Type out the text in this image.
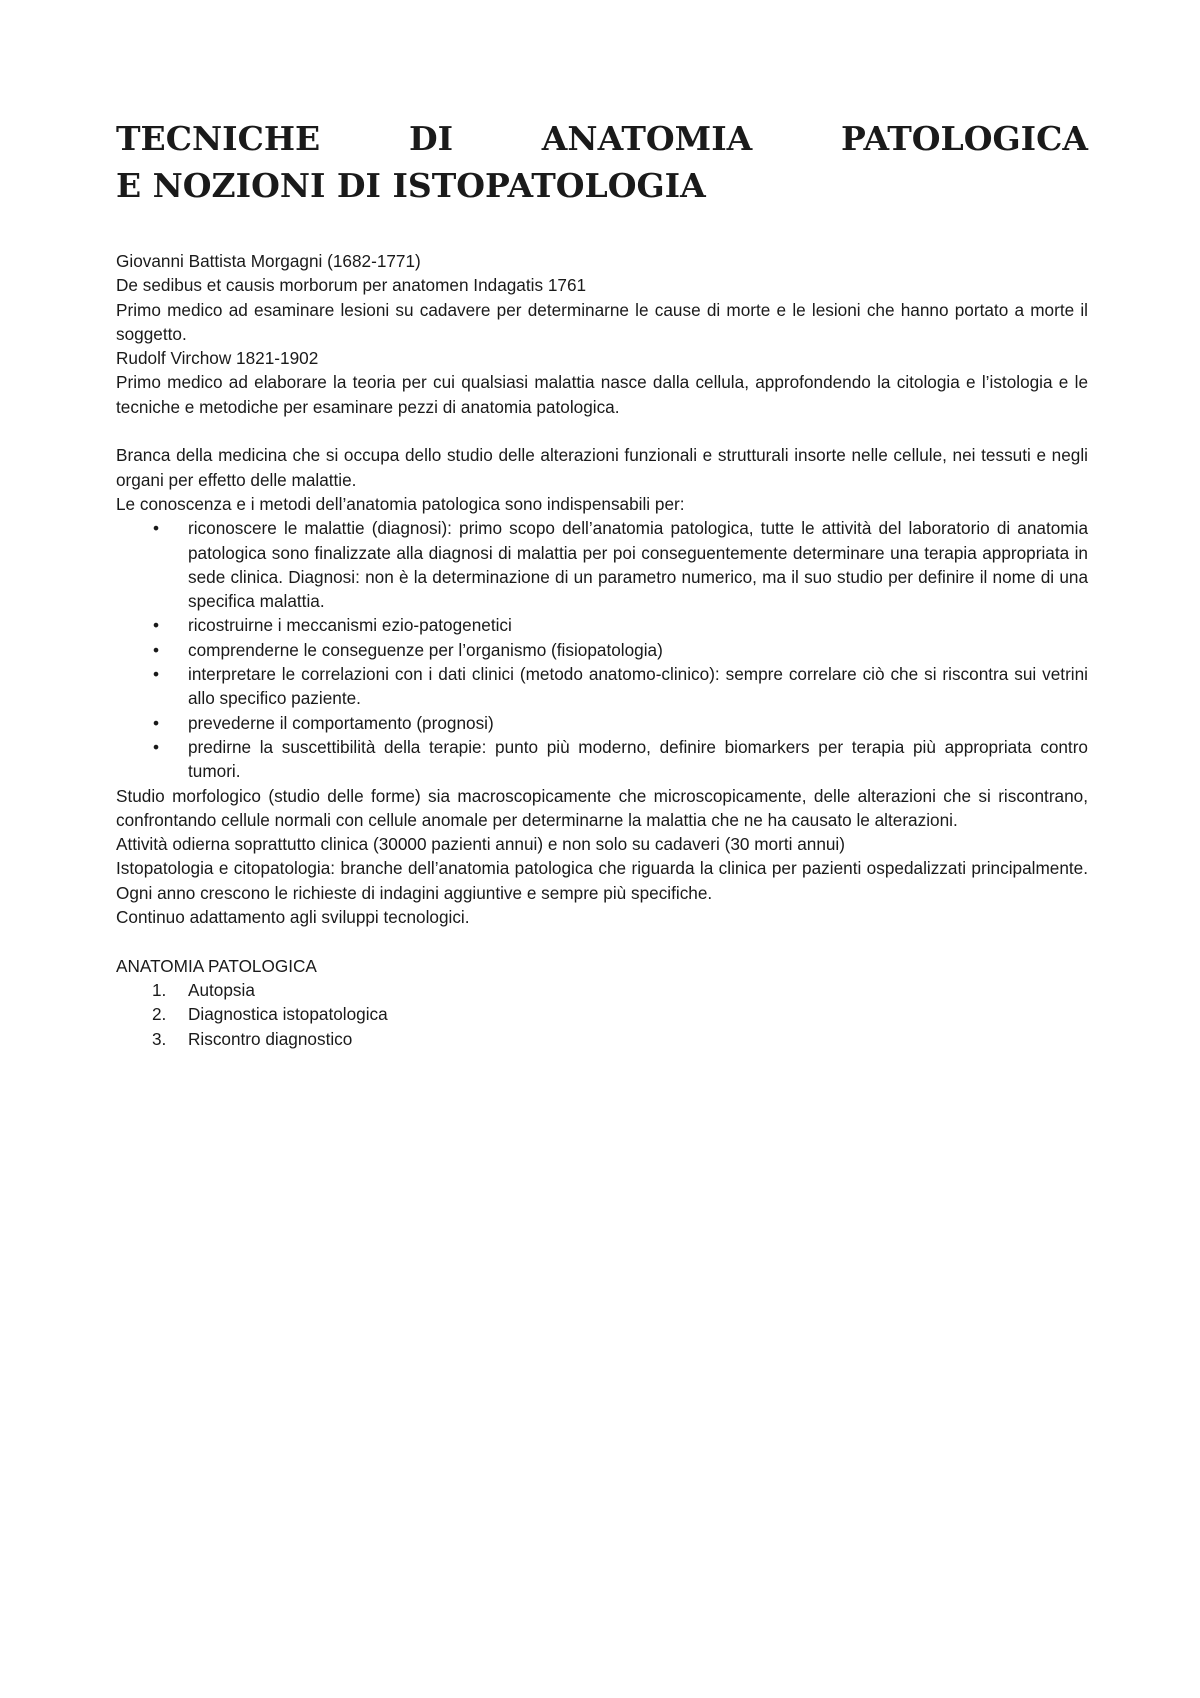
TECNICHE DI ANATOMIA PATOLOGICA
E NOZIONI DI ISTOPATOLOGIA

Giovanni Battista Morgagni (1682-1771)

De sedibus et causis morborum per anatomen Indagatis 1761

Primo medico ad esaminare lesioni su cadavere per determinarne le cause di morte e le lesioni che hanno portato a morte il soggetto.

Rudolf Virchow 1821-1902

Primo medico ad elaborare la teoria per cui qualsiasi malattia nasce dalla cellula, approfondendo la citologia e l’istologia e le tecniche e metodiche per esaminare pezzi di anatomia patologica.

Branca della medicina che si occupa dello studio delle alterazioni funzionali e strutturali insorte nelle cellule, nei tessuti e negli organi per effetto delle malattie.

Le conoscenza e i metodi dell’anatomia patologica sono indispensabili per:

• riconoscere le malattie (diagnosi): primo scopo dell’anatomia patologica, tutte le attività del laboratorio di anatomia patologica sono finalizzate alla diagnosi di malattia per poi conseguentemente determinare una terapia appropriata in sede clinica. Diagnosi: non è la determinazione di un parametro numerico, ma il suo studio per definire il nome di una specifica malattia.
• ricostruirne i meccanismi ezio-patogenetici
• comprenderne le conseguenze per l’organismo (fisiopatologia)
• interpretare le correlazioni con i dati clinici (metodo anatomo-clinico): sempre correlare ciò che si riscontra sui vetrini allo specifico paziente.
• prevederne il comportamento (prognosi)
• predirne la suscettibilità della terapie: punto più moderno, definire biomarkers per terapia più appropriata contro tumori.

Studio morfologico (studio delle forme) sia macroscopicamente che microscopicamente, delle alterazioni che si riscontrano, confrontando cellule normali con cellule anomale per determinarne la malattia che ne ha causato le alterazioni.

Attività odierna soprattutto clinica (30000 pazienti annui) e non solo su cadaveri (30 morti annui)

Istopatologia e citopatologia: branche dell’anatomia patologica che riguarda la clinica per pazienti ospedalizzati principalmente. Ogni anno crescono le richieste di indagini aggiuntive e sempre più specifiche.

Continuo adattamento agli sviluppi tecnologici.

ANATOMIA PATOLOGICA

1. Autopsia
2. Diagnostica istopatologica
3. Riscontro diagnostico
